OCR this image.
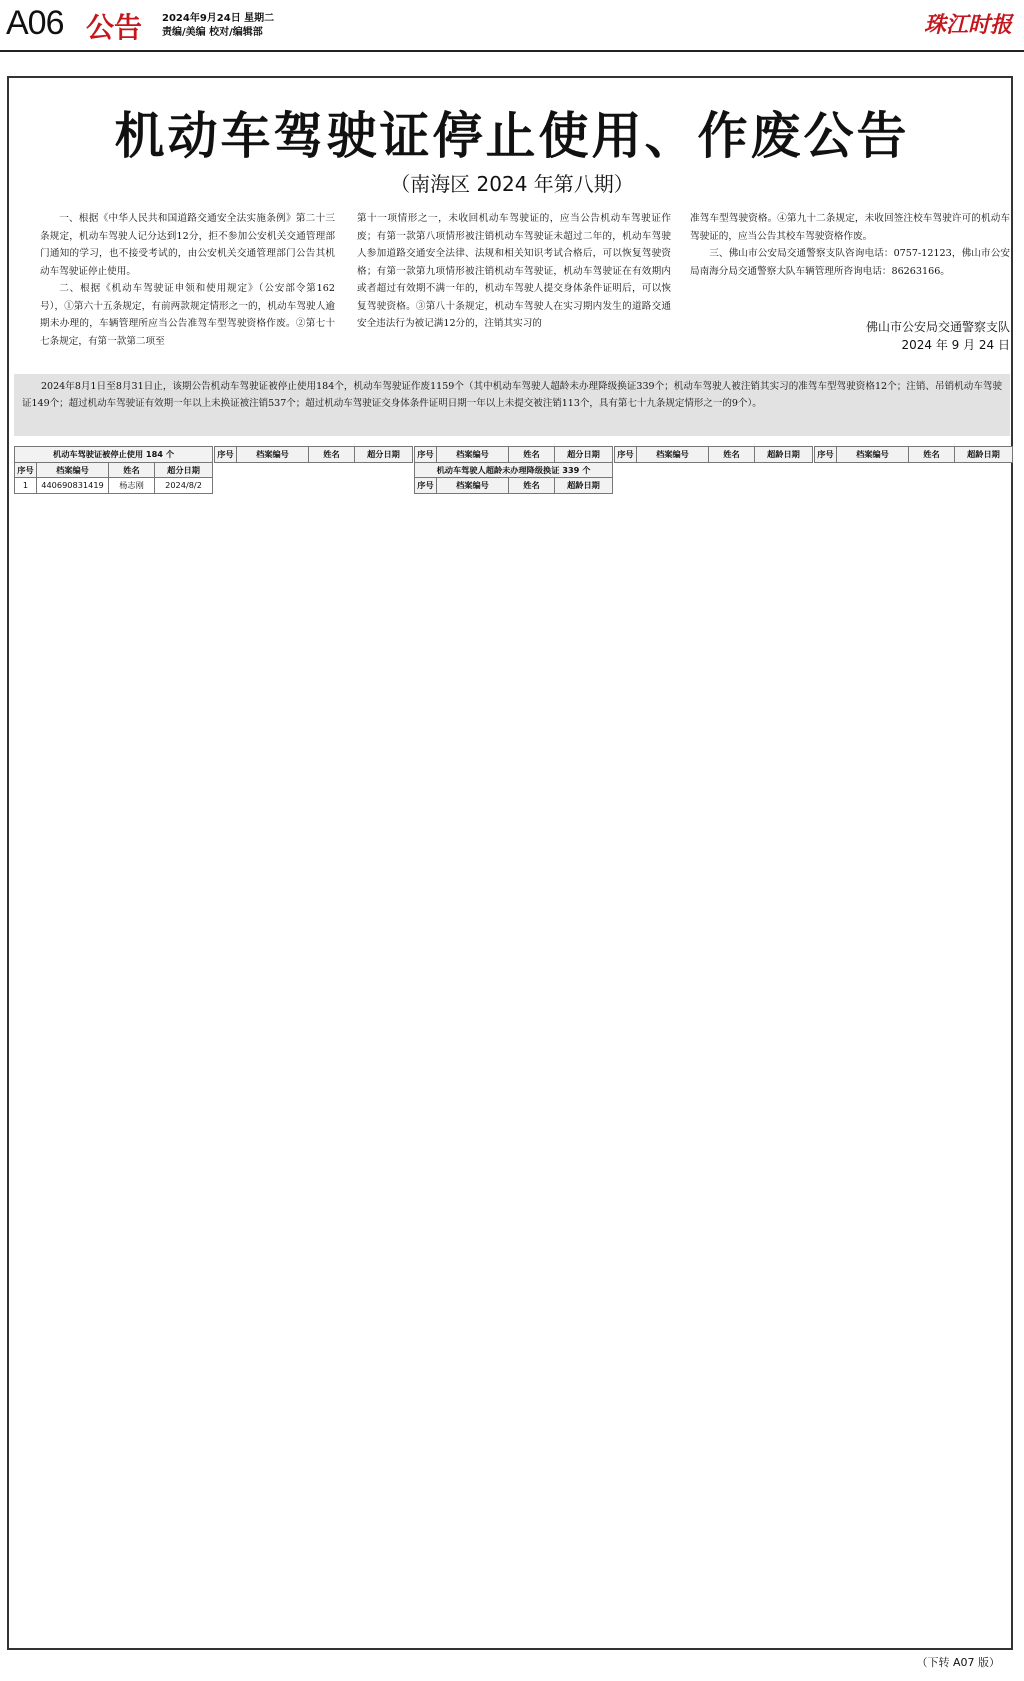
A06 公告 2024年9月24日 星期二
责编/美编 校对/编辑部	珠江时报
机动车驾驶证停止使用、作废公告
（南海区 2024 年第八期）

一、根据《中华人民共和国道路交通安全法实施条例》第二十三条规定，机动车驾驶人记分达到12分，拒不参加公安机关交通管理部门通知的学习，也不接受考试的，由公安机关交通管理部门公告其机动车驾驶证停止使用。

二、根据《机动车驾驶证申领和使用规定》（公安部令第162号），①第六十五条规定，有前两款规定情形之一的，机动车驾驶人逾期未办理的，车辆管理所应当公告准驾车型驾驶资格作废。②第七十七条规定，有第一款第二项至

第十一项情形之一，未收回机动车驾驶证的，应当公告机动车驾驶证作废；有第一款第八项情形被注销机动车驾驶证未超过二年的，机动车驾驶人参加道路交通安全法律、法规和相关知识考试合格后，可以恢复驾驶资格；有第一款第九项情形被注销机动车驾驶证，机动车驾驶证在有效期内或者超过有效期不满一年的，机动车驾驶人提交身体条件证明后，可以恢复驾驶资格。③第八十条规定，机动车驾驶人在实习期内发生的道路交通安全违法行为被记满12分的，注销其实习的

准驾车型驾驶资格。④第九十二条规定，未收回签注校车驾驶许可的机动车驾驶证的，应当公告其校车驾驶资格作废。

三、佛山市公安局交通警察支队咨询电话：0757-12123，佛山市公安局南海分局交通警察大队车辆管理所咨询电话：86263166。

佛山市公安局交通警察支队
2024 年 9 月 24 日
2024年8月1日至8月31日止，该期公告机动车驾驶证被停止使用184个，机动车驾驶证作废1159个（其中机动车驾驶人超龄未办理降级换证339个；机动车驾驶人被注销其实习的准驾车型驾驶资格12个；注销、吊销机动车驾驶证149个；超过机动车驾驶证有效期一年以上未换证被注销537个；超过机动车驾驶证交身体条件证明日期一年以上未提交被注销113个，具有第七十九条规定情形之一的9个）。
机动车驾驶证被停止使用 184 个			
序号	档案编号	姓名	超分日期
1	440690831419	杨志刚	2024/8/2
序号	档案编号	姓名	超分日期 序号	档案编号	姓名	超分日期
机动车驾驶人超龄未办理降级换证 339 个			
序号	档案编号	姓名	超龄日期
序号	档案编号	姓名	超龄日期 序号	档案编号	姓名	超龄日期
（下转 A07 版）
